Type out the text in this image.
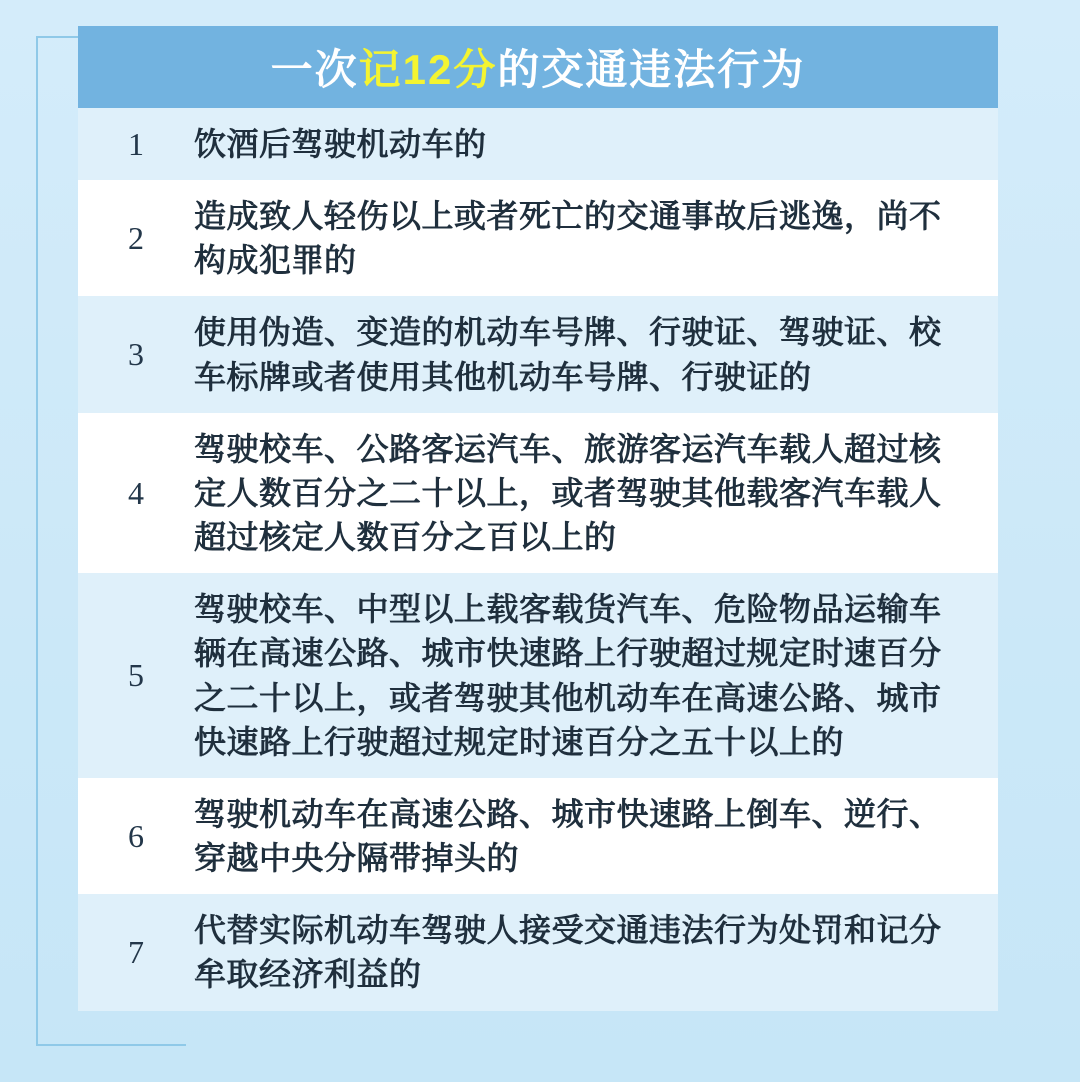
一次记12分的交通违法行为
1	饮酒后驾驶机动车的
2
造成致人轻伤以上或者死亡的交通事故后逃逸，尚不构成犯罪的
3
使用伪造、变造的机动车号牌、行驶证、驾驶证、校车标牌或者使用其他机动车号牌、行驶证的
4
驾驶校车、公路客运汽车、旅游客运汽车载人超过核定人数百分之二十以上，或者驾驶其他载客汽车载人超过核定人数百分之百以上的
5
驾驶校车、中型以上载客载货汽车、危险物品运输车辆在高速公路、城市快速路上行驶超过规定时速百分之二十以上，或者驾驶其他机动车在高速公路、城市快速路上行驶超过规定时速百分之五十以上的
6
驾驶机动车在高速公路、城市快速路上倒车、逆行、穿越中央分隔带掉头的
7
代替实际机动车驾驶人接受交通违法行为处罚和记分牟取经济利益的
